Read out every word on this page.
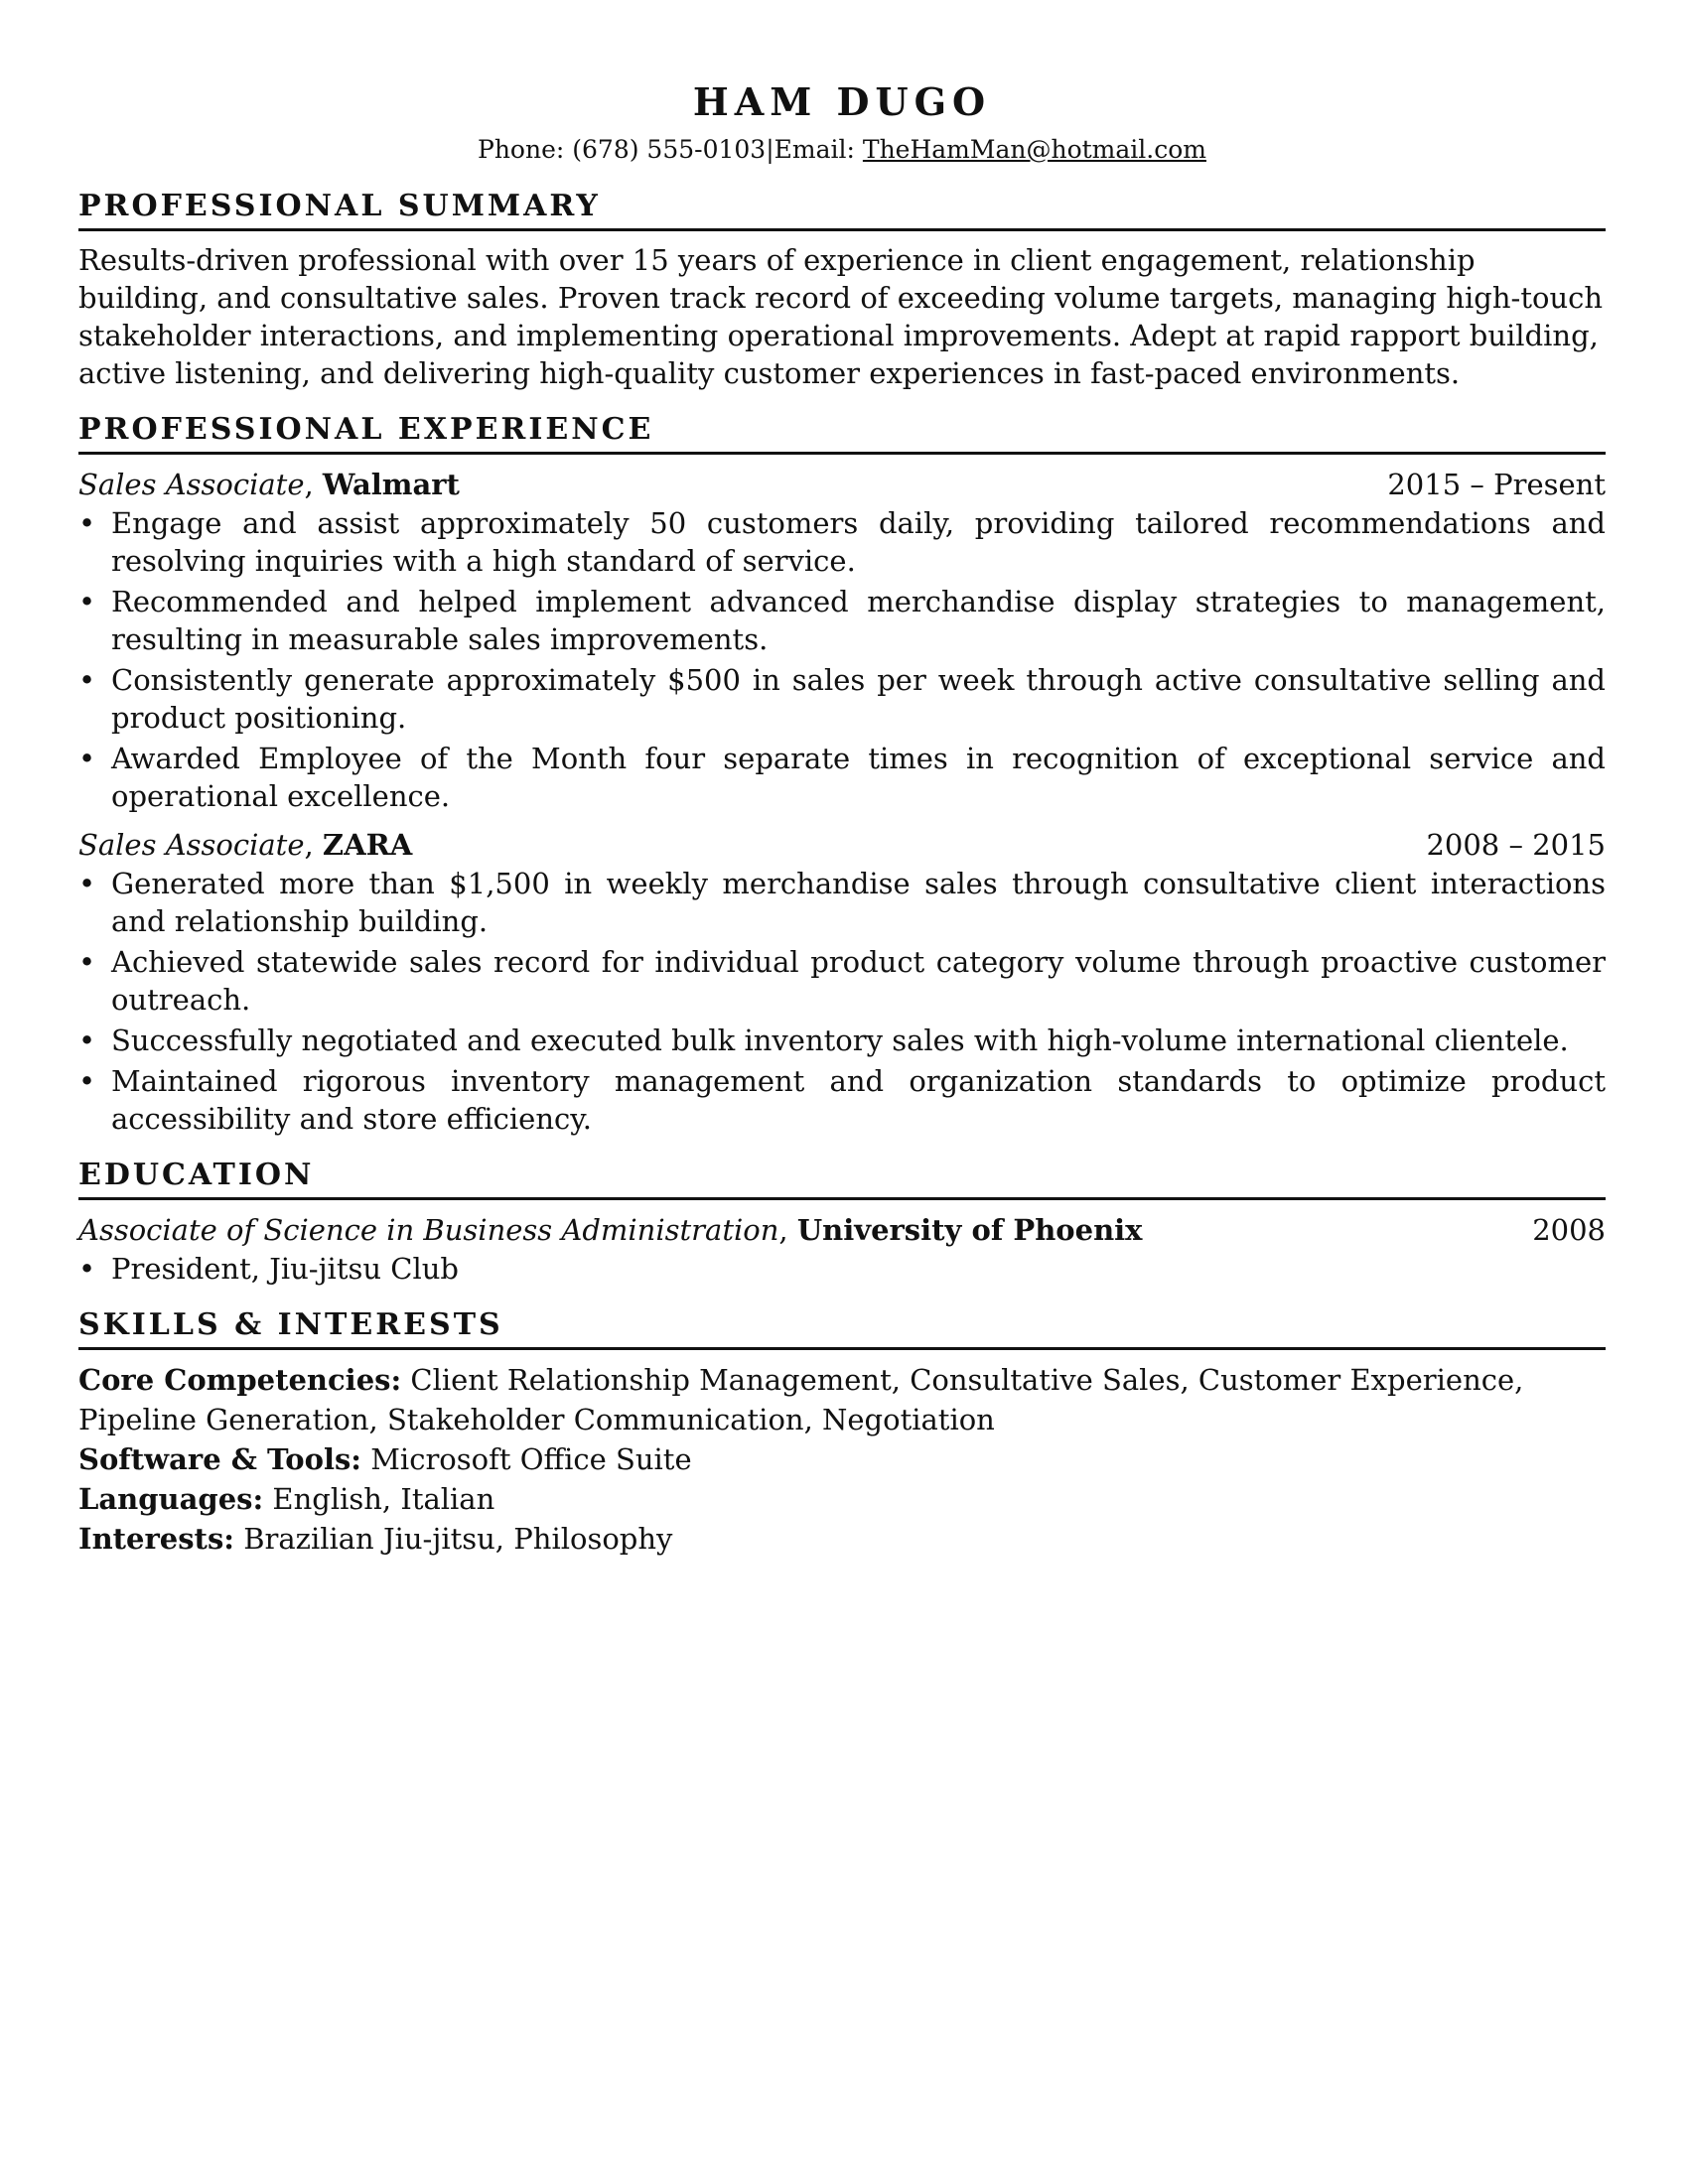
HAM DUGO
Phone: (678) 555-0103|Email: TheHamMan@hotmail.com
PROFESSIONAL SUMMARY
Results-driven professional with over 15 years of experience in client engagement, relationship building, and consultative sales. Proven track record of exceeding volume targets, managing high-touch stakeholder interactions, and implementing operational improvements. Adept at rapid rapport building, active listening, and delivering high-quality customer experiences in fast-paced environments.
PROFESSIONAL EXPERIENCE
Sales Associate, Walmart	2015 – Present
• Engage and assist approximately 50 customers daily, providing tailored recommendations and resolving inquiries with a high standard of service.
• Recommended and helped implement advanced merchandise display strategies to management, resulting in measurable sales improvements.
• Consistently generate approximately $500 in sales per week through active consultative selling and product positioning.
• Awarded Employee of the Month four separate times in recognition of exceptional service and operational excellence.
Sales Associate, ZARA	2008 – 2015
• Generated more than $1,500 in weekly merchandise sales through consultative client interactions and relationship building.
• Achieved statewide sales record for individual product category volume through proactive customer outreach.
• Successfully negotiated and executed bulk inventory sales with high-volume international clientele.
• Maintained rigorous inventory management and organization standards to optimize product accessibility and store efficiency.
EDUCATION
Associate of Science in Business Administration, University of Phoenix	2008
• President, Jiu-jitsu Club
SKILLS & INTERESTS
Core Competencies: Client Relationship Management, Consultative Sales, Customer Experience, Pipeline Generation, Stakeholder Communication, Negotiation
Software & Tools: Microsoft Office Suite
Languages: English, Italian
Interests: Brazilian Jiu-jitsu, Philosophy
